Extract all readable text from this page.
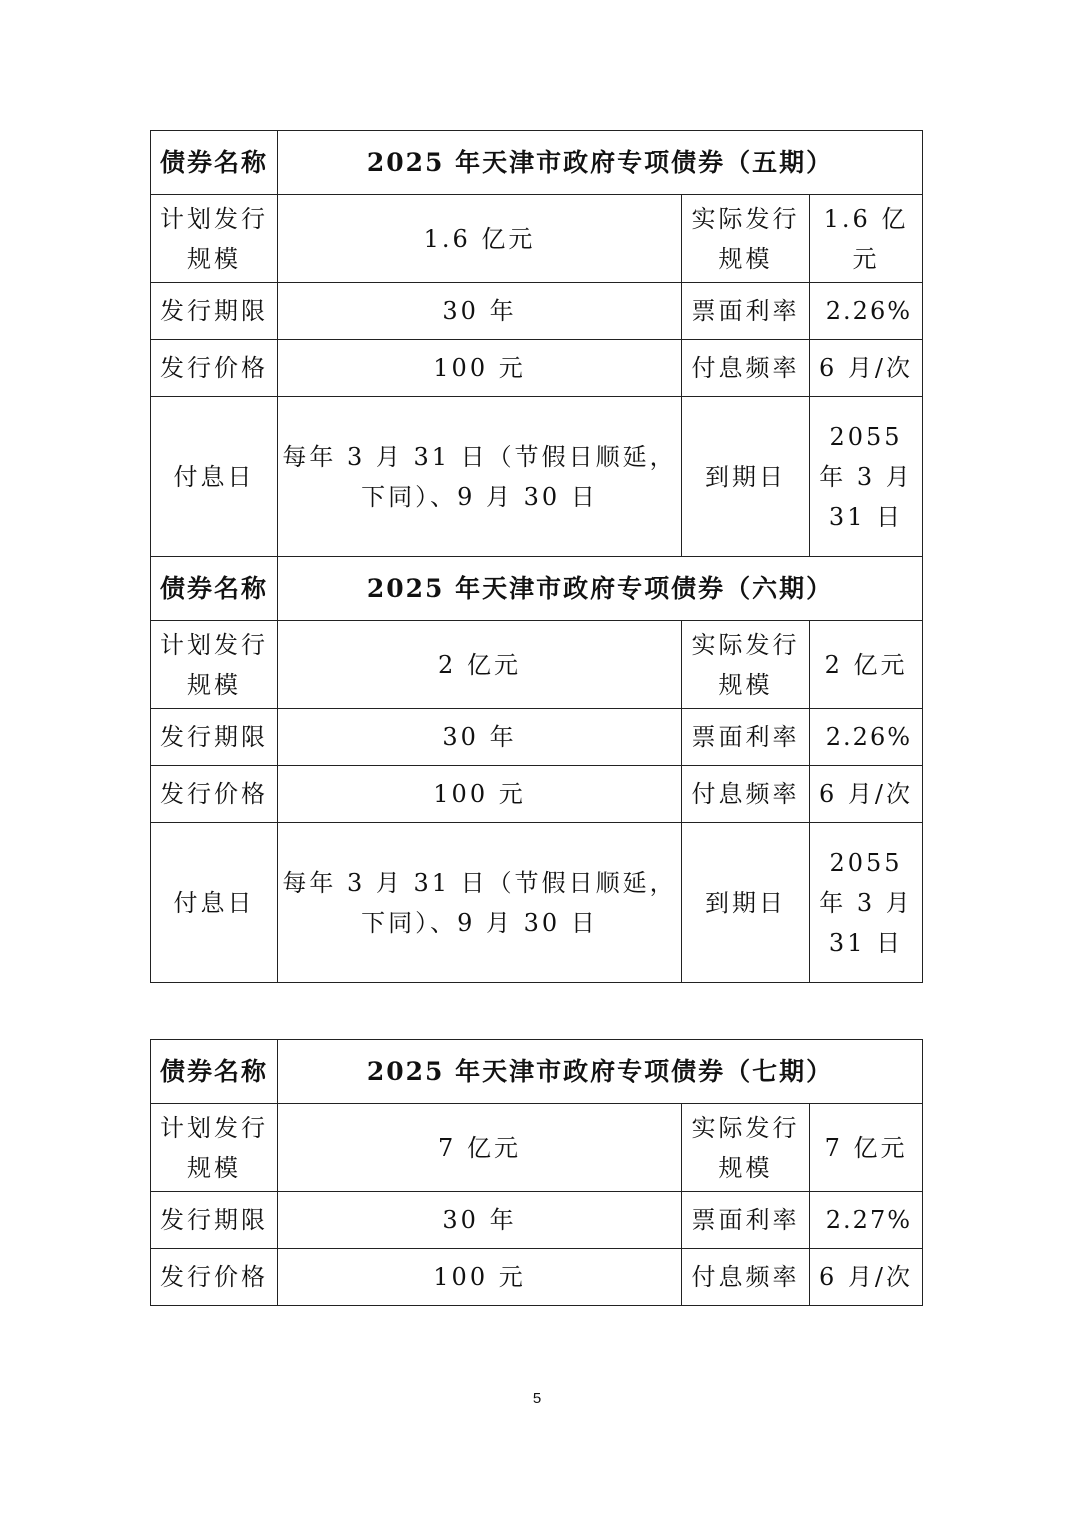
债券名称	2025 年天津市政府专项债券（五期）		
计划发行规模	1.6 亿元	实际发行规模	1.6 亿元
发行期限	30 年	票面利率	2.26%
发行价格	100 元	付息频率	6 月/次
付息日	每年 3 月 31 日（节假日顺延，下同）、9 月 30 日	到期日	2055 年 3 月 31 日
债券名称	2025 年天津市政府专项债券（六期）		
计划发行规模	2 亿元	实际发行规模	2 亿元
发行期限	30 年	票面利率	2.26%
发行价格	100 元	付息频率	6 月/次
付息日	每年 3 月 31 日（节假日顺延，下同）、9 月 30 日	到期日	2055 年 3 月 31 日
债券名称	2025 年天津市政府专项债券（七期）		
计划发行规模	7 亿元	实际发行规模	7 亿元
发行期限	30 年	票面利率	2.27%
发行价格	100 元	付息频率	6 月/次
5
